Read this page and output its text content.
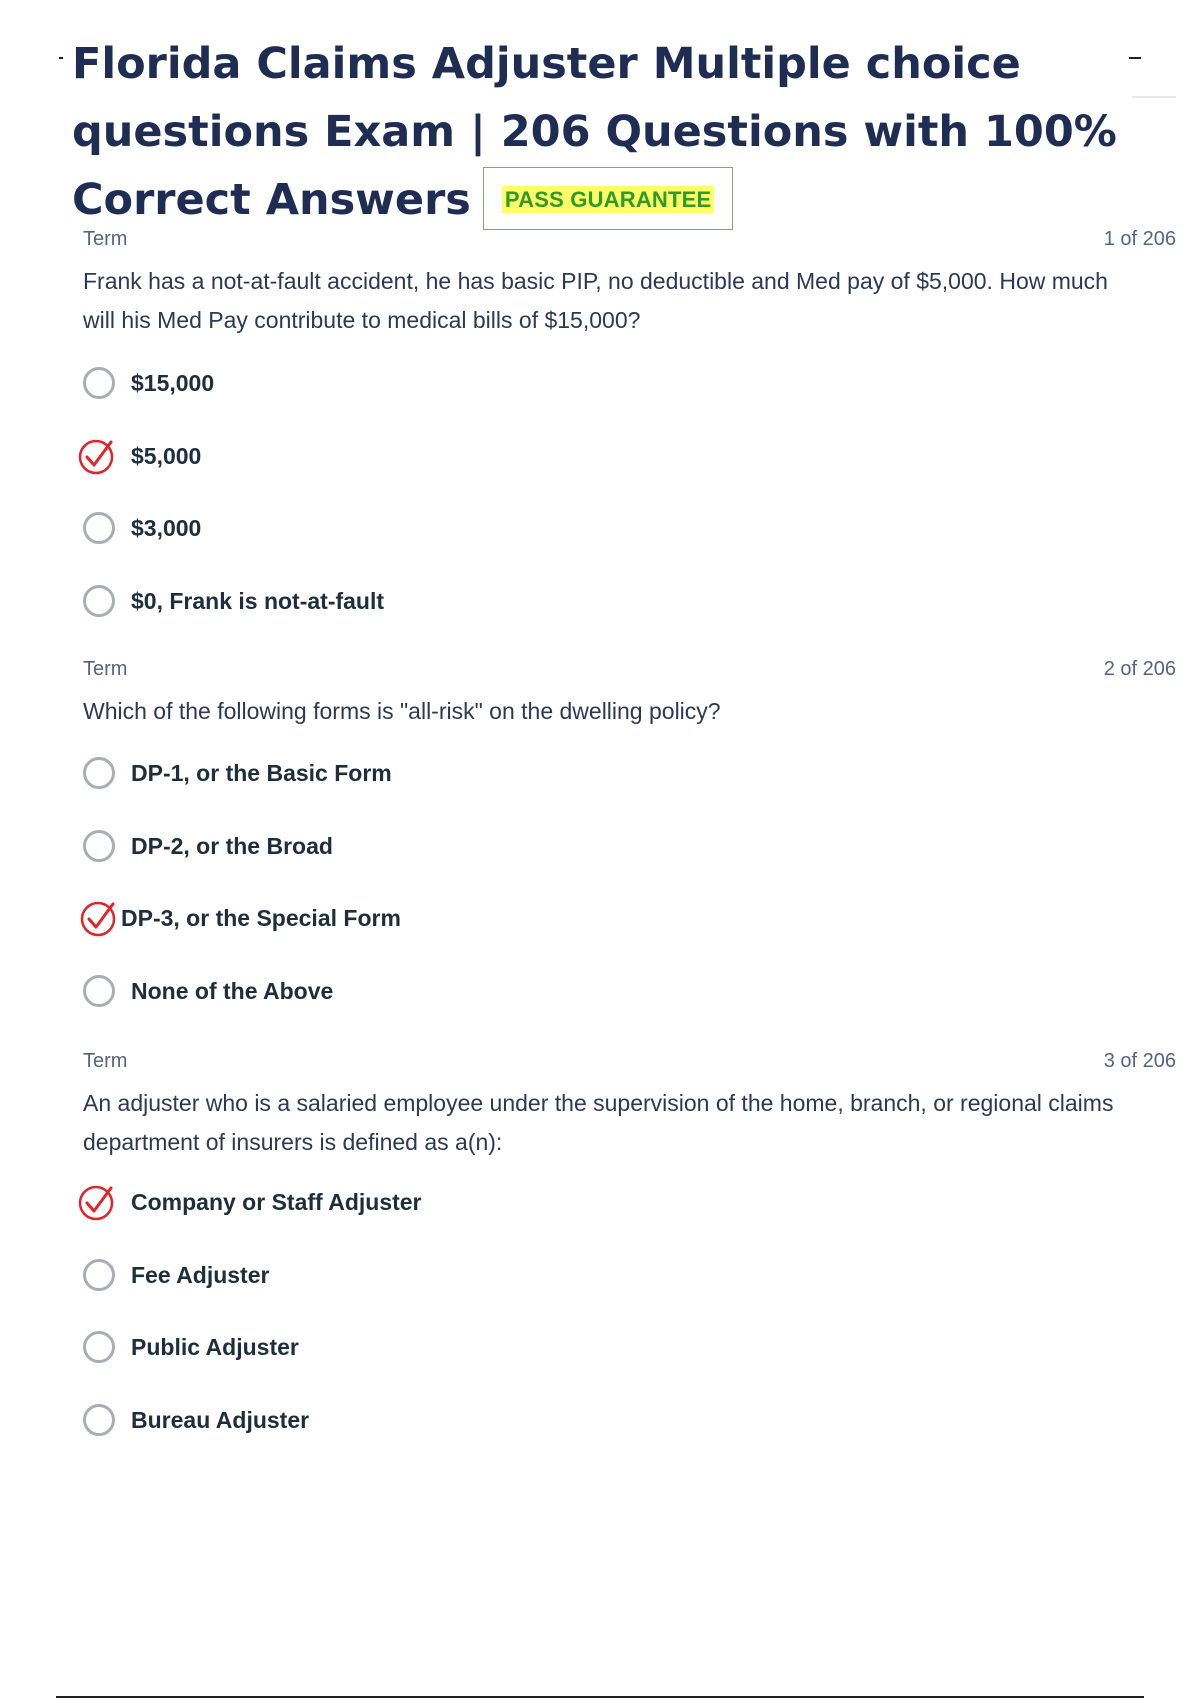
Florida Claims Adjuster Multiple choice questions Exam | 206 Questions with 100% Correct Answers PASS GUARANTEE
Term	1 of 206

Frank has a not-at-fault accident, he has basic PIP, no deductible and Med pay of $5,000. How much will his Med Pay contribute to medical bills of $15,000?

$15,000
$5,000
$3,000
$0, Frank is not-at-fault
Term	2 of 206

Which of the following forms is "all-risk" on the dwelling policy?

DP-1, or the Basic Form
DP-2, or the Broad
DP-3, or the Special Form
None of the Above
Term	3 of 206

An adjuster who is a salaried employee under the supervision of the home, branch, or regional claims department of insurers is defined as a(n):

Company or Staff Adjuster
Fee Adjuster
Public Adjuster
Bureau Adjuster
